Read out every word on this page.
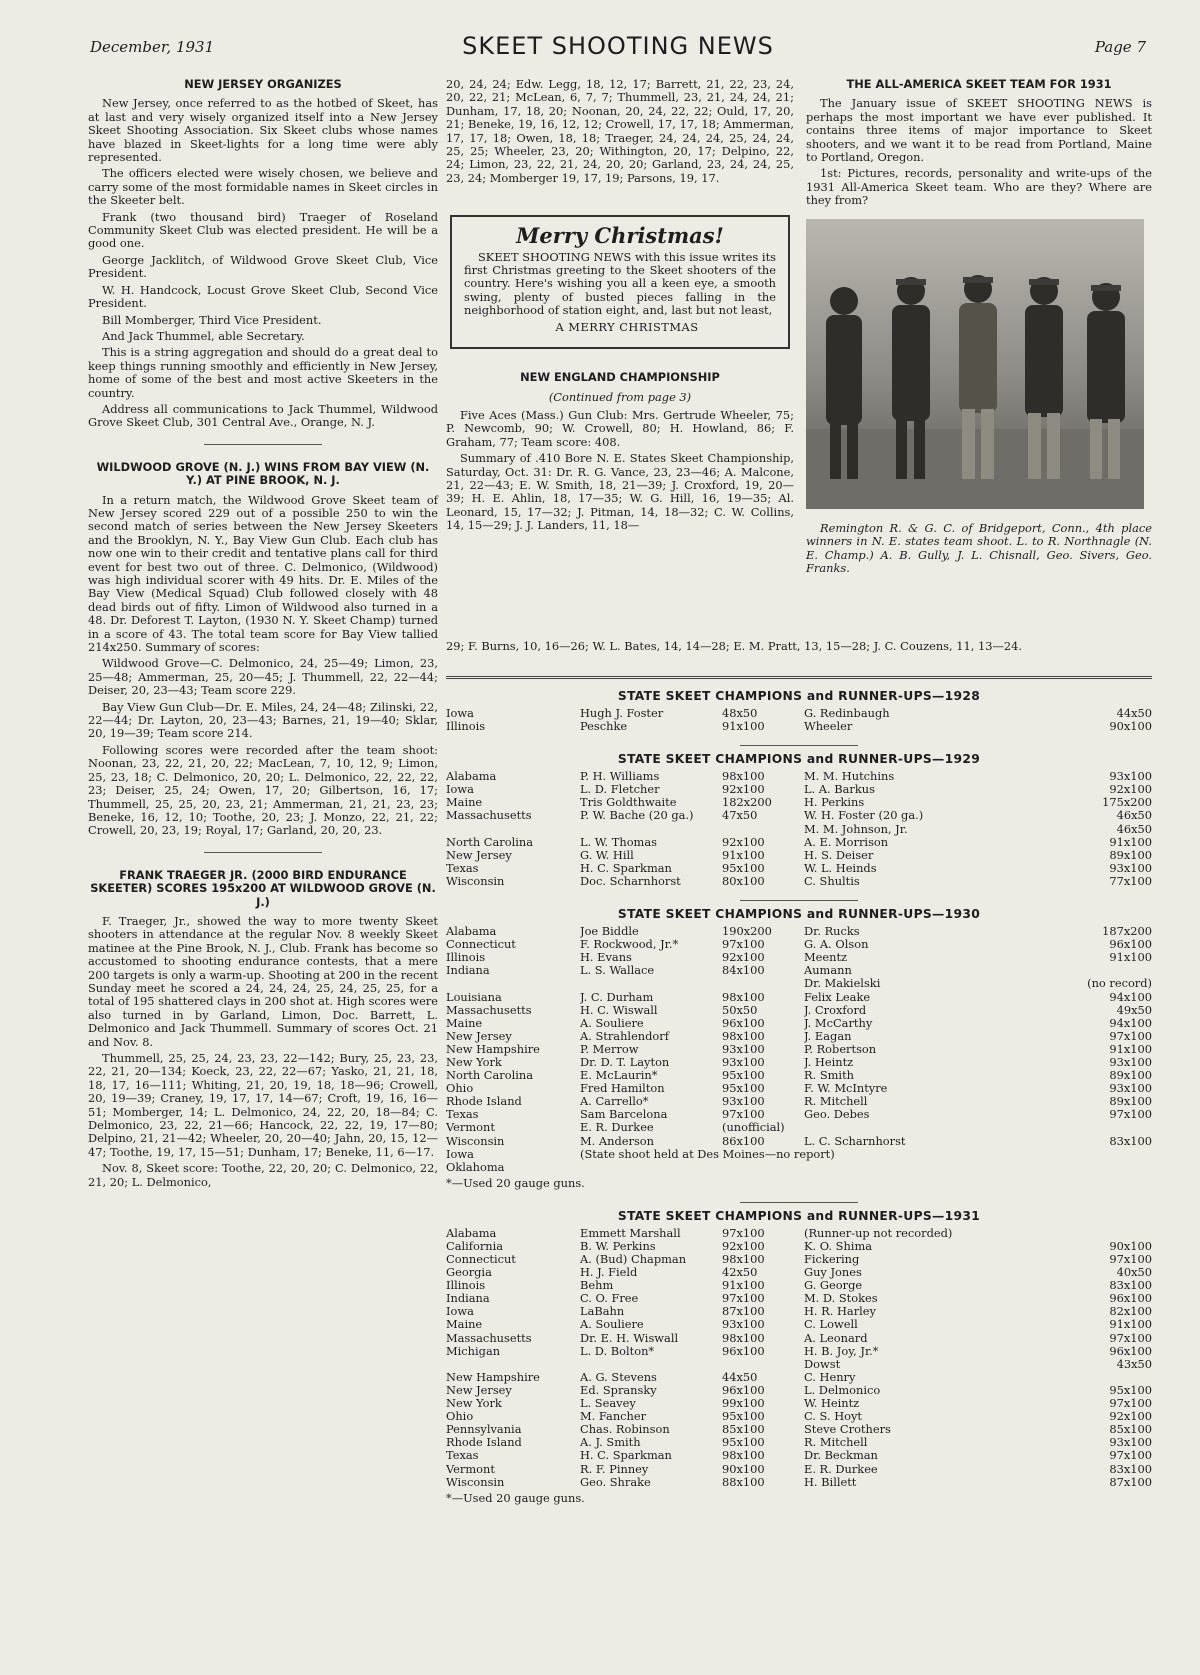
December, 1931	SKEET SHOOTING NEWS	Page 7
NEW JERSEY ORGANIZES

New Jersey, once referred to as the hotbed of Skeet, has at last and very wisely organized itself into a New Jersey Skeet Shooting Association. Six Skeet clubs whose names have blazed in Skeet-lights for a long time were ably represented.

The officers elected were wisely chosen, we believe and carry some of the most formidable names in Skeet circles in the Skeeter belt.

Frank (two thousand bird) Traeger of Roseland Community Skeet Club was elected president. He will be a good one.

George Jacklitch, of Wildwood Grove Skeet Club, Vice President.

W. H. Handcock, Locust Grove Skeet Club, Second Vice President.

Bill Momberger, Third Vice President.

And Jack Thummel, able Secretary.

This is a string aggregation and should do a great deal to keep things running smoothly and efficiently in New Jersey, home of some of the best and most active Skeeters in the country.

Address all communications to Jack Thummel, Wildwood Grove Skeet Club, 301 Central Ave., Orange, N. J.

WILDWOOD GROVE (N. J.) WINS FROM BAY VIEW (N. Y.) AT PINE BROOK, N. J.

In a return match, the Wildwood Grove Skeet team of New Jersey scored 229 out of a possible 250 to win the second match of series between the New Jersey Skeeters and the Brooklyn, N. Y., Bay View Gun Club. Each club has now one win to their credit and tentative plans call for third event for best two out of three. C. Delmonico, (Wildwood) was high individual scorer with 49 hits. Dr. E. Miles of the Bay View (Medical Squad) Club followed closely with 48 dead birds out of fifty. Limon of Wildwood also turned in a 48. Dr. Deforest T. Layton, (1930 N. Y. Skeet Champ) turned in a score of 43. The total team score for Bay View tallied 214x250. Summary of scores:

Wildwood Grove—C. Delmonico, 24, 25—49; Limon, 23, 25—48; Ammerman, 25, 20—45; J. Thummell, 22, 22—44; Deiser, 20, 23—43; Team score 229.

Bay View Gun Club—Dr. E. Miles, 24, 24—48; Zilinski, 22, 22—44; Dr. Layton, 20, 23—43; Barnes, 21, 19—40; Sklar, 20, 19—39; Team score 214.

Following scores were recorded after the team shoot: Noonan, 23, 22, 21, 20, 22; MacLean, 7, 10, 12, 9; Limon, 25, 23, 18; C. Delmonico, 20, 20; L. Delmonico, 22, 22, 22, 23; Deiser, 25, 24; Owen, 17, 20; Gilbertson, 16, 17; Thummell, 25, 25, 20, 23, 21; Ammerman, 21, 21, 23, 23; Beneke, 16, 12, 10; Toothe, 20, 23; J. Monzo, 22, 21, 22; Crowell, 20, 23, 19; Royal, 17; Garland, 20, 20, 23.

FRANK TRAEGER JR. (2000 BIRD ENDURANCE SKEETER) SCORES 195x200 AT WILDWOOD GROVE (N. J.)

F. Traeger, Jr., showed the way to more twenty Skeet shooters in attendance at the regular Nov. 8 weekly Skeet matinee at the Pine Brook, N. J., Club. Frank has become so accustomed to shooting endurance contests, that a mere 200 targets is only a warm-up. Shooting at 200 in the recent Sunday meet he scored a 24, 24, 24, 25, 24, 25, 25, for a total of 195 shattered clays in 200 shot at. High scores were also turned in by Garland, Limon, Doc. Barrett, L. Delmonico and Jack Thummell. Summary of scores Oct. 21 and Nov. 8.

Thummell, 25, 25, 24, 23, 23, 22—142; Bury, 25, 23, 23, 22, 21, 20—134; Koeck, 23, 22, 22—67; Yasko, 21, 21, 18, 18, 17, 16—111; Whiting, 21, 20, 19, 18, 18—96; Crowell, 20, 19—39; Craney, 19, 17, 17, 14—67; Croft, 19, 16, 16—51; Momberger, 14; L. Delmonico, 24, 22, 20, 18—84; C. Delmonico, 23, 22, 21—66; Hancock, 22, 22, 19, 17—80; Delpino, 21, 21—42; Wheeler, 20, 20—40; Jahn, 20, 15, 12—47; Toothe, 19, 17, 15—51; Dunham, 17; Beneke, 11, 6—17.

Nov. 8, Skeet score: Toothe, 22, 20, 20; C. Delmonico, 22, 21, 20; L. Delmonico,

20, 24, 24; Edw. Legg, 18, 12, 17; Barrett, 21, 22, 23, 24, 20, 22, 21; McLean, 6, 7, 7; Thummell, 23, 21, 24, 24, 21; Dunham, 17, 18, 20; Noonan, 20, 24, 22, 22; Ould, 17, 20, 21; Beneke, 19, 16, 12, 12; Crowell, 17, 17, 18; Ammerman, 17, 17, 18; Owen, 18, 18; Traeger, 24, 24, 24, 25, 24, 24, 25, 25; Wheeler, 23, 20; Withington, 20, 17; Delpino, 22, 24; Limon, 23, 22, 21, 24, 20, 20; Garland, 23, 24, 24, 25, 23, 24; Momberger 19, 17, 19; Parsons, 19, 17.

Merry Christmas!

SKEET SHOOTING NEWS with this issue writes its first Christmas greeting to the Skeet shooters of the country. Here's wishing you all a keen eye, a smooth swing, plenty of busted pieces falling in the neighborhood of station eight, and, last but not least,

A MERRY CHRISTMAS

NEW ENGLAND CHAMPIONSHIP
(Continued from page 3)

Five Aces (Mass.) Gun Club: Mrs. Gertrude Wheeler, 75; P. Newcomb, 90; W. Crowell, 80; H. Howland, 86; F. Graham, 77; Team score: 408.

Summary of .410 Bore N. E. States Skeet Championship, Saturday, Oct. 31: Dr. R. G. Vance, 23, 23—46; A. Malcone, 21, 22—43; E. W. Smith, 18, 21—39; J. Croxford, 19, 20—39; H. E. Ahlin, 18, 17—35; W. G. Hill, 16, 19—35; Al. Leonard, 15, 17—32; J. Pitman, 14, 18—32; C. W. Collins, 14, 15—29; J. J. Landers, 11, 18—

THE ALL-AMERICA SKEET TEAM FOR 1931

The January issue of SKEET SHOOTING NEWS is perhaps the most important we have ever published. It contains three items of major importance to Skeet shooters, and we want it to be read from Portland, Maine to Portland, Oregon.

1st: Pictures, records, personality and write-ups of the 1931 All-America Skeet team. Who are they? Where are they from?

Remington R. & G. C. of Bridgeport, Conn., 4th place winners in N. E. states team shoot. L. to R. Northnagle (N. E. Champ.) A. B. Gully, J. L. Chisnall, Geo. Sivers, Geo. Franks.

29; F. Burns, 10, 16—26; W. L. Bates, 14, 14—28; E. M. Pratt, 13, 15—28; J. C. Couzens, 11, 13—24.

STATE SKEET CHAMPIONS and RUNNER-UPS—1928
Iowa	Hugh J. Foster	48x50	G. Redinbaugh	44x50
Illinois	Peschke	91x100	Wheeler	90x100
STATE SKEET CHAMPIONS and RUNNER-UPS—1929
Alabama	P. H. Williams	98x100	M. M. Hutchins	93x100
Iowa	L. D. Fletcher	92x100	L. A. Barkus	92x100
Maine	Tris Goldthwaite	182x200	H. Perkins	175x200
Massachusetts	P. W. Bache (20 ga.)	47x50	W. H. Foster (20 ga.)	46x50
			M. M. Johnson, Jr.	46x50
North Carolina	L. W. Thomas	92x100	A. E. Morrison	91x100
New Jersey	G. W. Hill	91x100	H. S. Deiser	89x100
Texas	H. C. Sparkman	95x100	W. L. Heinds	93x100
Wisconsin	Doc. Scharnhorst	80x100	C. Shultis	77x100
STATE SKEET CHAMPIONS and RUNNER-UPS—1930
Alabama	Joe Biddle	190x200	Dr. Rucks	187x200
Connecticut	F. Rockwood, Jr.*	97x100	G. A. Olson	96x100
Illinois	H. Evans	92x100	Meentz	91x100
Indiana	L. S. Wallace	84x100	Aumann	
			Dr. Makielski	(no record)
Louisiana	J. C. Durham	98x100	Felix Leake	94x100
Massachusetts	H. C. Wiswall	50x50	J. Croxford	49x50
Maine	A. Souliere	96x100	J. McCarthy	94x100
New Jersey	A. Strahlendorf	98x100	J. Eagan	97x100
New Hampshire	P. Merrow	93x100	P. Robertson	91x100
New York	Dr. D. T. Layton	93x100	J. Heintz	93x100
North Carolina	E. McLaurin*	95x100	R. Smith	89x100
Ohio	Fred Hamilton	95x100	F. W. McIntyre	93x100
Rhode Island	A. Carrello*	93x100	R. Mitchell	89x100
Texas	Sam Barcelona	97x100	Geo. Debes	97x100
Vermont	E. R. Durkee	(unofficial)		
Wisconsin	M. Anderson	86x100	L. C. Scharnhorst	83x100
Iowa	(State shoot held at Des Moines—no report)			
Oklahoma				
*—Used 20 gauge guns.
STATE SKEET CHAMPIONS and RUNNER-UPS—1931
Alabama	Emmett Marshall	97x100	(Runner-up not recorded)	
California	B. W. Perkins	92x100	K. O. Shima	90x100
Connecticut	A. (Bud) Chapman	98x100	Fickering	97x100
Georgia	H. J. Field	42x50	Guy Jones	40x50
Illinois	Behm	91x100	G. George	83x100
Indiana	C. O. Free	97x100	M. D. Stokes	96x100
Iowa	LaBahn	87x100	H. R. Harley	82x100
Maine	A. Souliere	93x100	C. Lowell	91x100
Massachusetts	Dr. E. H. Wiswall	98x100	A. Leonard	97x100
Michigan	L. D. Bolton*	96x100	H. B. Joy, Jr.*	96x100
			Dowst	43x50
New Hampshire	A. G. Stevens	44x50	C. Henry	
New Jersey	Ed. Spransky	96x100	L. Delmonico	95x100
New York	L. Seavey	99x100	W. Heintz	97x100
Ohio	M. Fancher	95x100	C. S. Hoyt	92x100
Pennsylvania	Chas. Robinson	85x100	Steve Crothers	85x100
Rhode Island	A. J. Smith	95x100	R. Mitchell	93x100
Texas	H. C. Sparkman	98x100	Dr. Beckman	97x100
Vermont	R. F. Pinney	90x100	E. R. Durkee	83x100
Wisconsin	Geo. Shrake	88x100	H. Billett	87x100
*—Used 20 gauge guns.
